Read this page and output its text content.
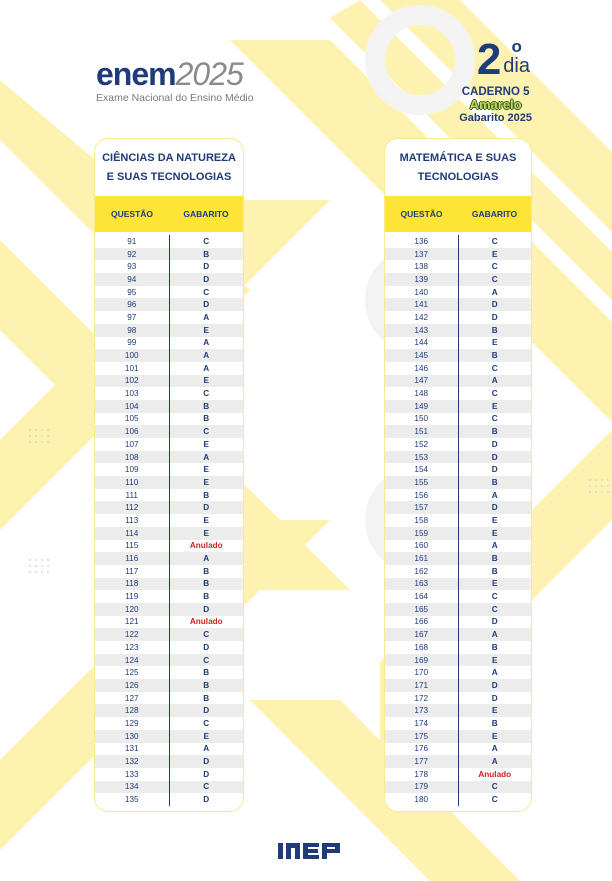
enem2025
Exame Nacional do Ensino Médio
2 o
dia
CADERNO 5
Amarelo
Gabarito 2025
CIÊNCIAS DA NATUREZA
E SUAS TECNOLOGIAS
QUESTÃO	GABARITO
91	C
92	B
93	D
94	D
95	C
96	D
97	A
98	E
99	A
100	A
101	A
102	E
103	C
104	B
105	B
106	C
107	E
108	A
109	E
110	E
111	B
112	D
113	E
114	E
115	Anulado
116	A
117	B
118	B
119	B
120	D
121	Anulado
122	C
123	D
124	C
125	B
126	B
127	B
128	D
129	C
130	E
131	A
132	D
133	D
134	C
135	D
MATEMÁTICA E SUAS
TECNOLOGIAS
QUESTÃO	GABARITO
136	C
137	E
138	C
139	C
140	A
141	D
142	D
143	B
144	E
145	B
146	C
147	A
148	C
149	E
150	C
151	B
152	D
153	D
154	D
155	B
156	A
157	D
158	E
159	E
160	A
161	B
162	B
163	E
164	C
165	C
166	D
167	A
168	B
169	E
170	A
171	D
172	D
173	E
174	B
175	E
176	A
177	A
178	Anulado
179	C
180	C
